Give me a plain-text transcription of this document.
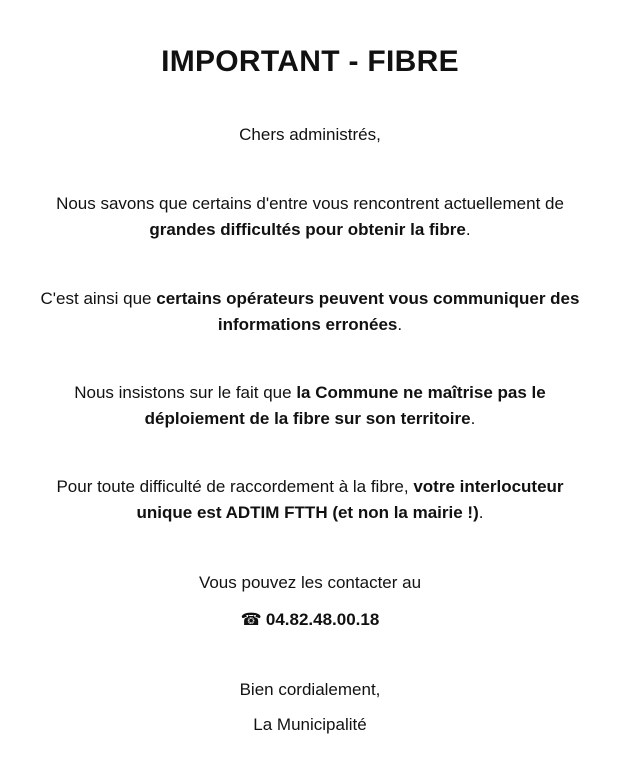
IMPORTANT - FIBRE

Chers administrés,

Nous savons que certains d'entre vous rencontrent actuellement de grandes difficultés pour obtenir la fibre.

C'est ainsi que certains opérateurs peuvent vous communiquer des informations erronées.

Nous insistons sur le fait que la Commune ne maîtrise pas le déploiement de la fibre sur son territoire.

Pour toute difficulté de raccordement à la fibre, votre interlocuteur unique est ADTIM FTTH (et non la mairie !).

Vous pouvez les contacter au

☎ 04.82.48.00.18

Bien cordialement,

La Municipalité
